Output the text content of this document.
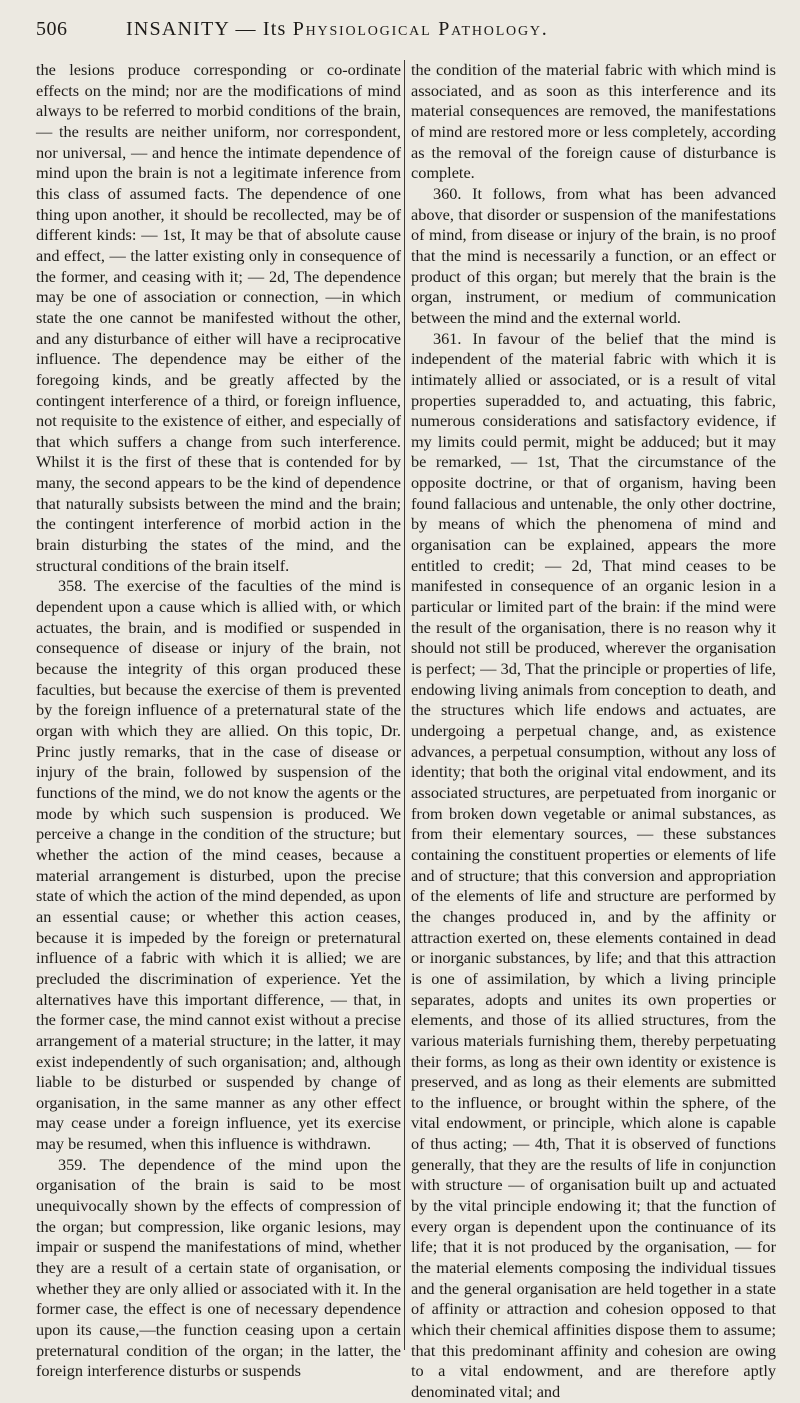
506	INSANITY — Its Physiological Pathology.

the lesions produce corresponding or co-ordinate effects on the mind; nor are the modifications of mind always to be referred to morbid conditions of the brain, — the results are neither uniform, nor correspondent, nor universal, — and hence the intimate dependence of mind upon the brain is not a legitimate inference from this class of assumed facts. The dependence of one thing upon another, it should be recollected, may be of different kinds: — 1st, It may be that of absolute cause and effect, — the latter existing only in consequence of the former, and ceasing with it; — 2d, The dependence may be one of association or connection, —in which state the one cannot be manifested without the other, and any disturbance of either will have a reciprocative influence. The dependence may be either of the foregoing kinds, and be greatly affected by the contingent interference of a third, or foreign influence, not requisite to the existence of either, and especially of that which suffers a change from such interference. Whilst it is the first of these that is contended for by many, the second appears to be the kind of dependence that naturally subsists between the mind and the brain; the contingent interference of morbid action in the brain disturbing the states of the mind, and the structural conditions of the brain itself.

358. The exercise of the faculties of the mind is dependent upon a cause which is allied with, or which actuates, the brain, and is modified or suspended in consequence of disease or injury of the brain, not because the integrity of this organ produced these faculties, but because the exercise of them is prevented by the foreign influence of a preternatural state of the organ with which they are allied. On this topic, Dr. Princ justly remarks, that in the case of disease or injury of the brain, followed by suspension of the functions of the mind, we do not know the agents or the mode by which such suspension is produced. We perceive a change in the condition of the structure; but whether the action of the mind ceases, because a material arrangement is disturbed, upon the precise state of which the action of the mind depended, as upon an essential cause; or whether this action ceases, because it is impeded by the foreign or preternatural influence of a fabric with which it is allied; we are precluded the discrimination of experience. Yet the alternatives have this important difference, — that, in the former case, the mind cannot exist without a precise arrangement of a material structure; in the latter, it may exist independently of such organisation; and, although liable to be disturbed or suspended by change of organisation, in the same manner as any other effect may cease under a foreign influence, yet its exercise may be resumed, when this influence is withdrawn.

359. The dependence of the mind upon the organisation of the brain is said to be most unequivocally shown by the effects of compression of the organ; but compression, like organic lesions, may impair or suspend the manifestations of mind, whether they are a result of a certain state of organisation, or whether they are only allied or associated with it. In the former case, the effect is one of necessary dependence upon its cause,—the function ceasing upon a certain preternatural condition of the organ; in the latter, the foreign interference disturbs or suspends

the condition of the material fabric with which mind is associated, and as soon as this interference and its material consequences are removed, the manifestations of mind are restored more or less completely, according as the removal of the foreign cause of disturbance is complete.

360. It follows, from what has been advanced above, that disorder or suspension of the manifestations of mind, from disease or injury of the brain, is no proof that the mind is necessarily a function, or an effect or product of this organ; but merely that the brain is the organ, instrument, or medium of communication between the mind and the external world.

361. In favour of the belief that the mind is independent of the material fabric with which it is intimately allied or associated, or is a result of vital properties superadded to, and actuating, this fabric, numerous considerations and satisfactory evidence, if my limits could permit, might be adduced; but it may be remarked, — 1st, That the circumstance of the opposite doctrine, or that of organism, having been found fallacious and untenable, the only other doctrine, by means of which the phenomena of mind and organisation can be explained, appears the more entitled to credit; — 2d, That mind ceases to be manifested in consequence of an organic lesion in a particular or limited part of the brain: if the mind were the result of the organisation, there is no reason why it should not still be produced, wherever the organisation is perfect; — 3d, That the principle or properties of life, endowing living animals from conception to death, and the structures which life endows and actuates, are undergoing a perpetual change, and, as existence advances, a perpetual consumption, without any loss of identity; that both the original vital endowment, and its associated structures, are perpetuated from inorganic or from broken down vegetable or animal substances, as from their elementary sources, — these substances containing the constituent properties or elements of life and of structure; that this conversion and appropriation of the elements of life and structure are performed by the changes produced in, and by the affinity or attraction exerted on, these elements contained in dead or inorganic substances, by life; and that this attraction is one of assimilation, by which a living principle separates, adopts and unites its own properties or elements, and those of its allied structures, from the various materials furnishing them, thereby perpetuating their forms, as long as their own identity or existence is preserved, and as long as their elements are submitted to the influence, or brought within the sphere, of the vital endowment, or principle, which alone is capable of thus acting; — 4th, That it is observed of functions generally, that they are the results of life in conjunction with structure — of organisation built up and actuated by the vital principle endowing it; that the function of every organ is dependent upon the continuance of its life; that it is not produced by the organisation, — for the material elements composing the individual tissues and the general organisation are held together in a state of affinity or attraction and cohesion opposed to that which their chemical affinities dispose them to assume; that this predominant affinity and cohesion are owing to a vital endowment, and are therefore aptly denominated vital; and
